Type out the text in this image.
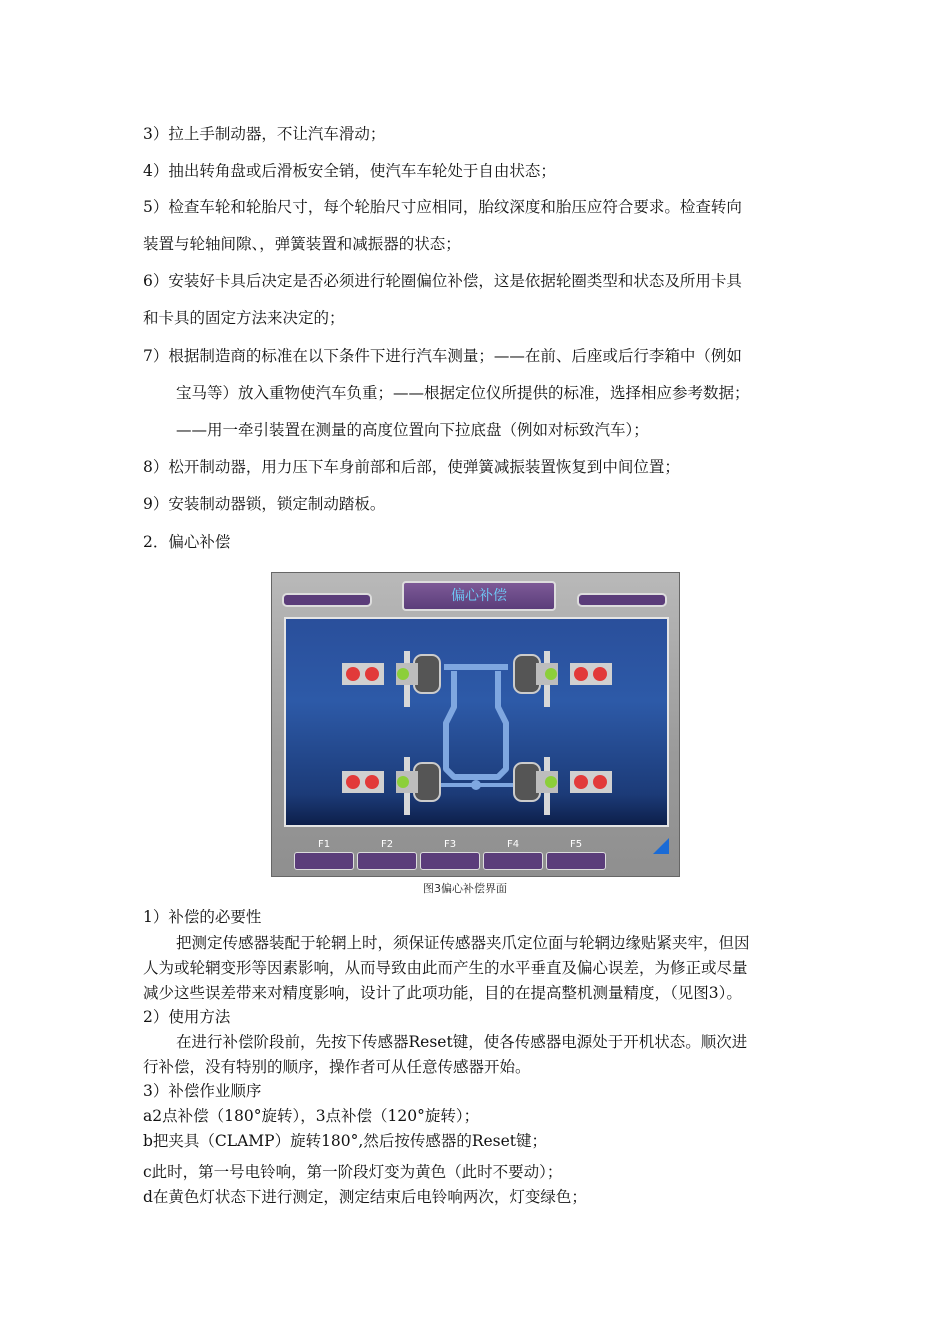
3）拉上手制动器，不让汽车滑动；
4）抽出转角盘或后滑板安全销，使汽车车轮处于自由状态；
5）检查车轮和轮胎尺寸，每个轮胎尺寸应相同，胎纹深度和胎压应符合要求。检查转向
装置与轮轴间隙、，弹簧装置和减振器的状态；
6）安装好卡具后决定是否必须进行轮圈偏位补偿，这是依据轮圈类型和状态及所用卡具
和卡具的固定方法来决定的；
7）根据制造商的标准在以下条件下进行汽车测量；——在前、后座或后行李箱中（例如
宝马等）放入重物使汽车负重；——根据定位仪所提供的标准，选择相应参考数据；
——用一牵引装置在测量的高度位置向下拉底盘（例如对标致汽车）；
8）松开制动器，用力压下车身前部和后部，使弹簧减振装置恢复到中间位置；
9）安装制动器锁，锁定制动踏板。
2．偏心补偿
偏心补偿
F1	F2	F3	F4	F5
图3偏心补偿界面
1）补偿的必要性
把测定传感器装配于轮辋上时，须保证传感器夹爪定位面与轮辋边缘贴紧夹牢，但因
人为或轮辋变形等因素影响，从而导致由此而产生的水平垂直及偏心误差，为修正或尽量
减少这些误差带来对精度影响，设计了此项功能，目的在提高整机测量精度，（见图3）。
2）使用方法
在进行补偿阶段前，先按下传感器Reset键，使各传感器电源处于开机状态。顺次进
行补偿，没有特别的顺序，操作者可从任意传感器开始。
3）补偿作业顺序
a2点补偿（180°旋转），3点补偿（120°旋转）；
b把夹具（CLAMP）旋转180°,然后按传感器的Reset键；
c此时，第一号电铃响，第一阶段灯变为黄色（此时不要动）；
d在黄色灯状态下进行测定，测定结束后电铃响两次，灯变绿色；
